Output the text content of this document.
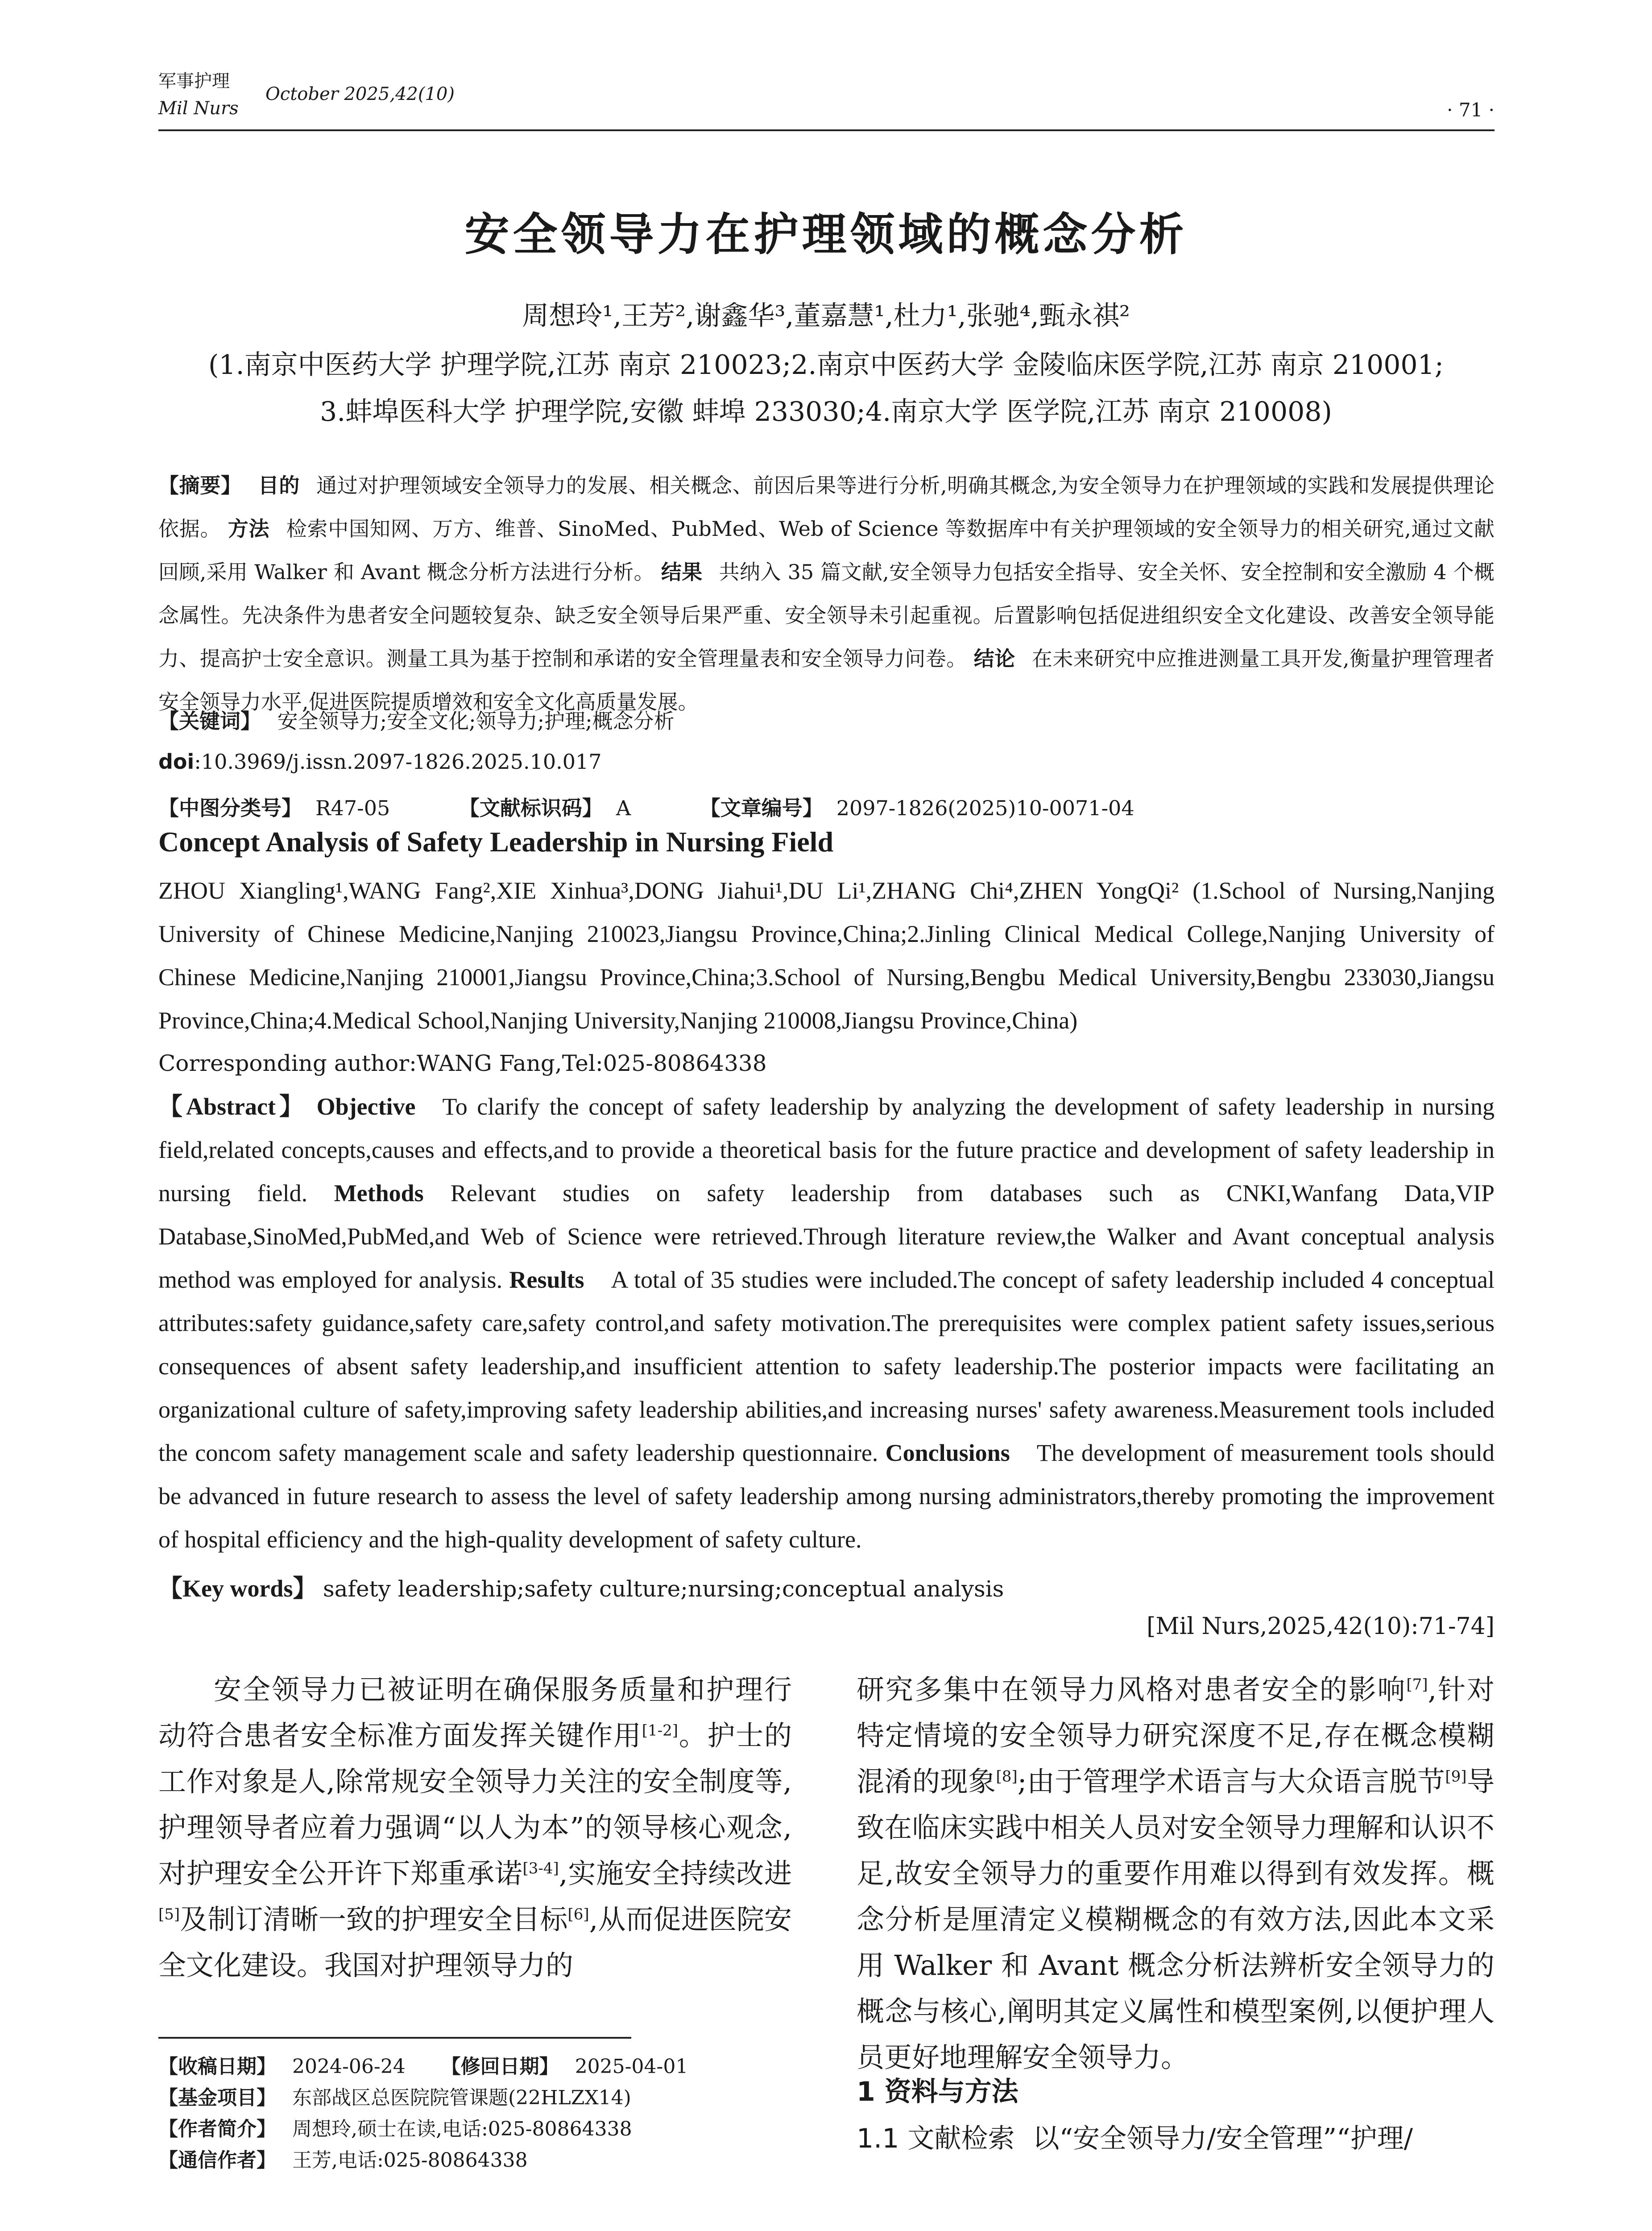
军事护理
Mil Nurs
October 2025,42(10)
· 71 ·
安全领导力在护理领域的概念分析
周想玲¹,王芳²,谢鑫华³,董嘉慧¹,杜力¹,张驰⁴,甄永祺²
(1.南京中医药大学 护理学院,江苏 南京 210023;2.南京中医药大学 金陵临床医学院,江苏 南京 210001;
3.蚌埠医科大学 护理学院,安徽 蚌埠 233030;4.南京大学 医学院,江苏 南京 210008)
【摘要】 目的 通过对护理领域安全领导力的发展、相关概念、前因后果等进行分析,明确其概念,为安全领导力在护理领域的实践和发展提供理论依据。 方法 检索中国知网、万方、维普、SinoMed、PubMed、Web of Science 等数据库中有关护理领域的安全领导力的相关研究,通过文献回顾,采用 Walker 和 Avant 概念分析方法进行分析。 结果 共纳入 35 篇文献,安全领导力包括安全指导、安全关怀、安全控制和安全激励 4 个概念属性。先决条件为患者安全问题较复杂、缺乏安全领导后果严重、安全领导未引起重视。后置影响包括促进组织安全文化建设、改善安全领导能力、提高护士安全意识。测量工具为基于控制和承诺的安全管理量表和安全领导力问卷。 结论 在未来研究中应推进测量工具开发,衡量护理管理者安全领导力水平,促进医院提质增效和安全文化高质量发展。
【关键词】 安全领导力;安全文化;领导力;护理;概念分析
doi:10.3969/j.issn.2097-1826.2025.10.017
【中图分类号】 R47-05	【文献标识码】 A	【文章编号】 2097-1826(2025)10-0071-04
Concept Analysis of Safety Leadership in Nursing Field
ZHOU Xiangling¹,WANG Fang²,XIE Xinhua³,DONG Jiahui¹,DU Li¹,ZHANG Chi⁴,ZHEN YongQi² (1.School of Nursing,Nanjing University of Chinese Medicine,Nanjing 210023,Jiangsu Province,China;2.Jinling Clinical Medical College,Nanjing University of Chinese Medicine,Nanjing 210001,Jiangsu Province,China;3.School of Nursing,Bengbu Medical University,Bengbu 233030,Jiangsu Province,China;4.Medical School,Nanjing University,Nanjing 210008,Jiangsu Province,China)
Corresponding author:WANG Fang,Tel:025-80864338
【Abstract】 Objective To clarify the concept of safety leadership by analyzing the development of safety leadership in nursing field,related concepts,causes and effects,and to provide a theoretical basis for the future practice and development of safety leadership in nursing field. Methods Relevant studies on safety leadership from databases such as CNKI,Wanfang Data,VIP Database,SinoMed,PubMed,and Web of Science were retrieved.Through literature review,the Walker and Avant conceptual analysis method was employed for analysis. Results A total of 35 studies were included.The concept of safety leadership included 4 conceptual attributes:safety guidance,safety care,safety control,and safety motivation.The prerequisites were complex patient safety issues,serious consequences of absent safety leadership,and insufficient attention to safety leadership.The posterior impacts were facilitating an organizational culture of safety,improving safety leadership abilities,and increasing nurses' safety awareness.Measurement tools included the concom safety management scale and safety leadership questionnaire. Conclusions The development of measurement tools should be advanced in future research to assess the level of safety leadership among nursing administrators,thereby promoting the improvement of hospital efficiency and the high-quality development of safety culture.
【Key words】 safety leadership;safety culture;nursing;conceptual analysis
[Mil Nurs,2025,42(10):71-74]

安全领导力已被证明在确保服务质量和护理行动符合患者安全标准方面发挥关键作用[1-2]。护士的工作对象是人,除常规安全领导力关注的安全制度等,护理领导者应着力强调“以人为本”的领导核心观念,对护理安全公开许下郑重承诺[3-4],实施安全持续改进[5]及制订清晰一致的护理安全目标[6],从而促进医院安全文化建设。我国对护理领导力的

【收稿日期】 2024-06-24 【修回日期】 2025-04-01
【基金项目】 东部战区总医院院管课题(22HLZX14)
【作者简介】 周想玲,硕士在读,电话:025-80864338
【通信作者】 王芳,电话:025-80864338

研究多集中在领导力风格对患者安全的影响[7],针对特定情境的安全领导力研究深度不足,存在概念模糊混淆的现象[8];由于管理学术语言与大众语言脱节[9]导致在临床实践中相关人员对安全领导力理解和认识不足,故安全领导力的重要作用难以得到有效发挥。概念分析是厘清定义模糊概念的有效方法,因此本文采用 Walker 和 Avant 概念分析法辨析安全领导力的概念与核心,阐明其定义属性和模型案例,以便护理人员更好地理解安全领导力。

1 资料与方法
1.1 文献检索 以“安全领导力/安全管理”“护理/
